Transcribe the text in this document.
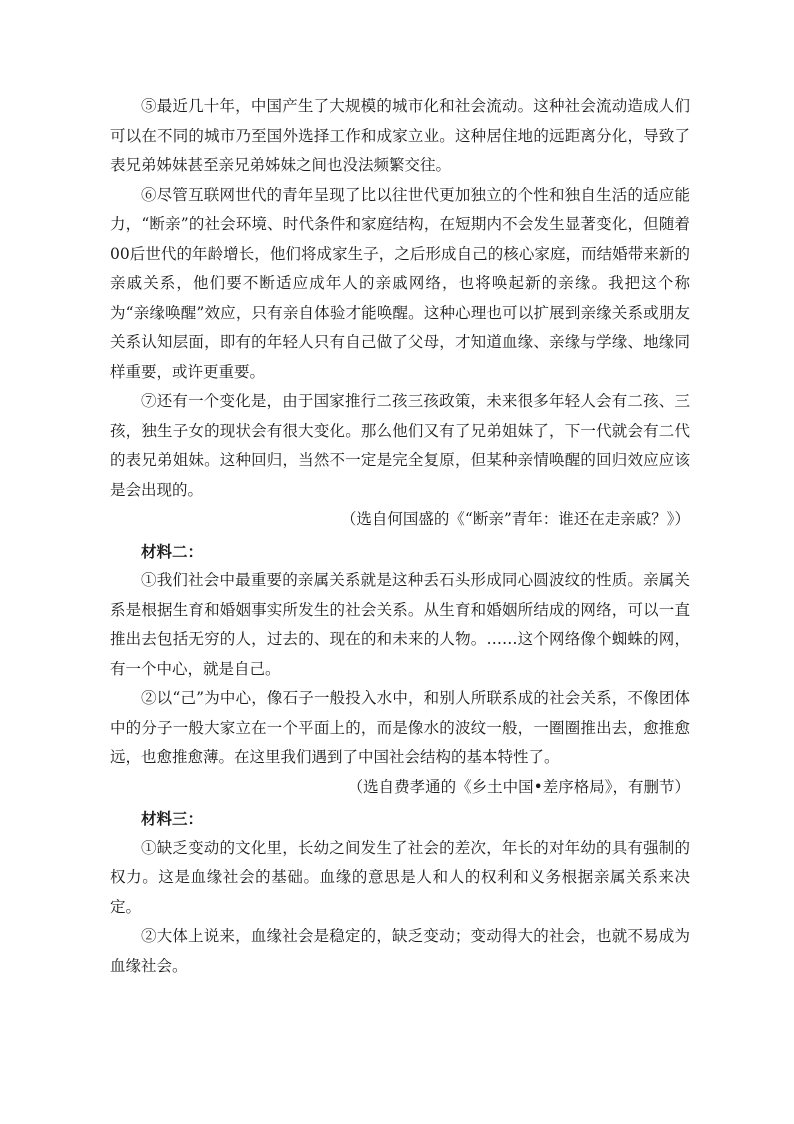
⑤最近几十年，中国产生了大规模的城市化和社会流动。这种社会流动造成人们可以在不同的城市乃至国外选择工作和成家立业。这种居住地的远距离分化，导致了表兄弟姊妹甚至亲兄弟姊妹之间也没法频繁交往。

⑥尽管互联网世代的青年呈现了比以往世代更加独立的个性和独自生活的适应能力，“断亲”的社会环境、时代条件和家庭结构，在短期内不会发生显著变化，但随着00后世代的年龄增长，他们将成家生子，之后形成自己的核心家庭，而结婚带来新的亲戚关系，他们要不断适应成年人的亲戚网络，也将唤起新的亲缘。我把这个称为“亲缘唤醒”效应，只有亲自体验才能唤醒。这种心理也可以扩展到亲缘关系或朋友关系认知层面，即有的年轻人只有自己做了父母，才知道血缘、亲缘与学缘、地缘同样重要，或许更重要。

⑦还有一个变化是，由于国家推行二孩三孩政策，未来很多年轻人会有二孩、三孩，独生子女的现状会有很大变化。那么他们又有了兄弟姐妹了，下一代就会有二代的表兄弟姐妹。这种回归，当然不一定是完全复原，但某种亲情唤醒的回归效应应该是会出现的。

（选自何国盛的《“断亲”青年：谁还在走亲戚？》）

材料二：

①我们社会中最重要的亲属关系就是这种丢石头形成同心圆波纹的性质。亲属关系是根据生育和婚姻事实所发生的社会关系。从生育和婚姻所结成的网络，可以一直推出去包括无穷的人，过去的、现在的和未来的人物。……这个网络像个蜘蛛的网，有一个中心，就是自己。

②以“己”为中心，像石子一般投入水中，和别人所联系成的社会关系，不像团体中的分子一般大家立在一个平面上的，而是像水的波纹一般，一圈圈推出去，愈推愈远，也愈推愈薄。在这里我们遇到了中国社会结构的基本特性了。

（选自费孝通的《乡土中国•差序格局》，有删节）

材料三：

①缺乏变动的文化里，长幼之间发生了社会的差次，年长的对年幼的具有强制的权力。这是血缘社会的基础。血缘的意思是人和人的权利和义务根据亲属关系来决定。

②大体上说来，血缘社会是稳定的，缺乏变动；变动得大的社会，也就不易成为血缘社会。
